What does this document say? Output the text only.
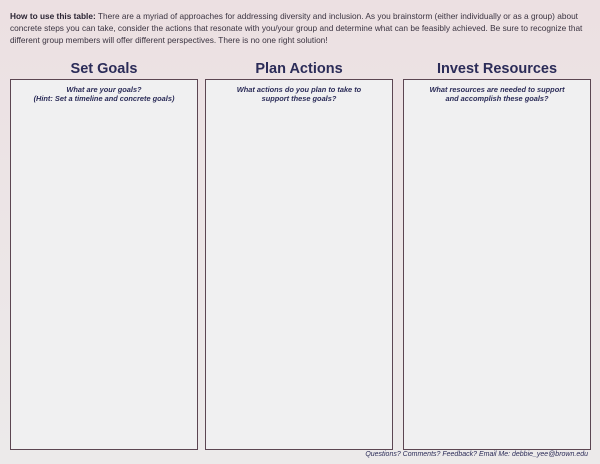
How to use this table: There are a myriad of approaches for addressing diversity and inclusion. As you brainstorm (either individually or as a group) about concrete steps you can take, consider the actions that resonate with you/your group and determine what can be feasibly achieved. Be sure to recognize that different group members will offer different perspectives. There is no one right solution!

Set Goals
What are your goals?
(Hint: Set a timeline and concrete goals)
Plan Actions
What actions do you plan to take to
support these goals?
Invest Resources
What resources are needed to support
and accomplish these goals?
Questions? Comments? Feedback? Email Me: debbie_yee@brown.edu
